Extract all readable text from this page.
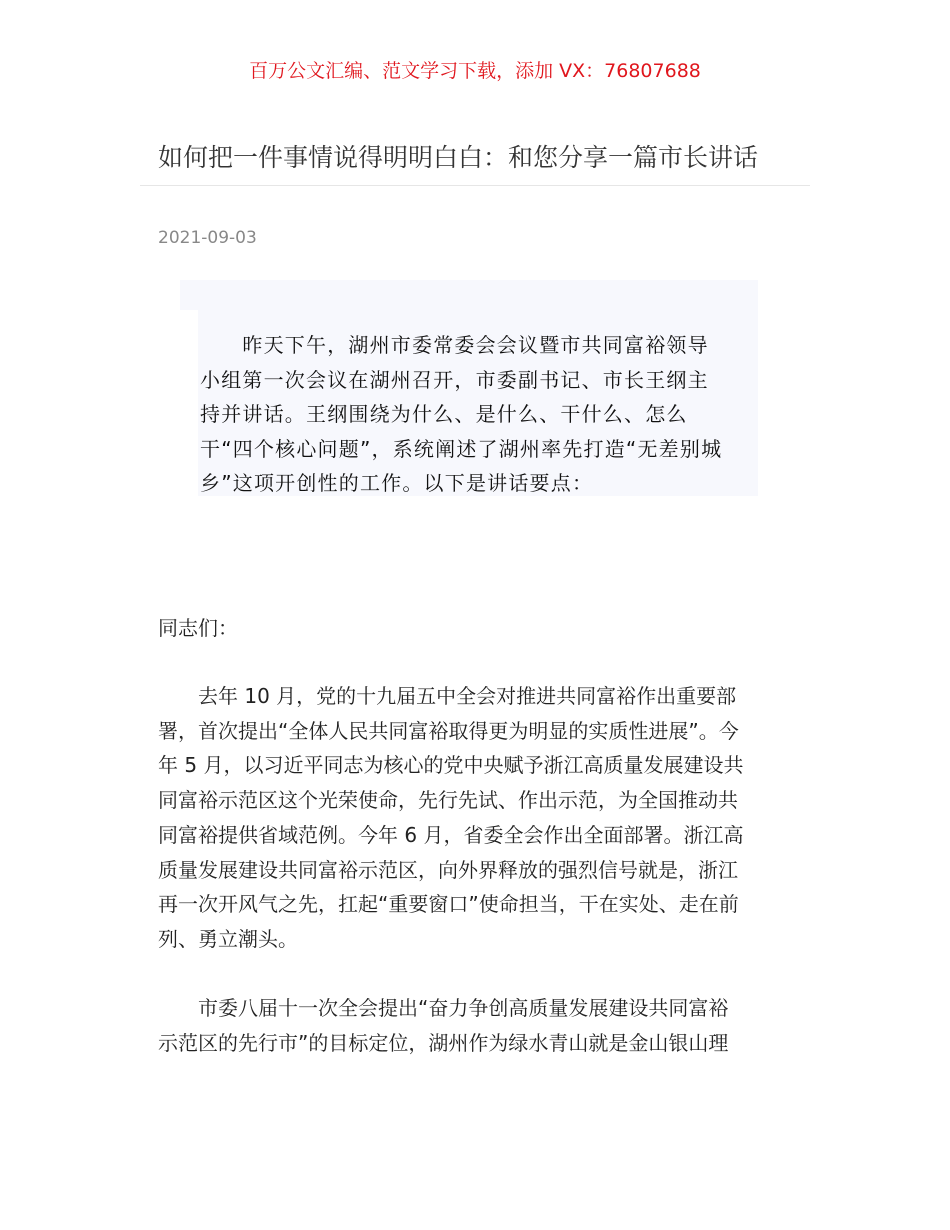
百万公文汇编、范文学习下载，添加 VX：76807688
如何把一件事情说得明明白白：和您分享一篇市长讲话
2021-09-03
　　昨天下午，湖州市委常委会会议暨市共同富裕领导
小组第一次会议在湖州召开，市委副书记、市长王纲主
持并讲话。王纲围绕为什么、是什么、干什么、怎么
干“四个核心问题”，系统阐述了湖州率先打造“无差别城
乡”这项开创性的工作。以下是讲话要点：
同志们：
　　去年 10 月，党的十九届五中全会对推进共同富裕作出重要部
署，首次提出“全体人民共同富裕取得更为明显的实质性进展”。今
年 5 月，以习近平同志为核心的党中央赋予浙江高质量发展建设共
同富裕示范区这个光荣使命，先行先试、作出示范，为全国推动共
同富裕提供省域范例。今年 6 月，省委全会作出全面部署。浙江高
质量发展建设共同富裕示范区，向外界释放的强烈信号就是，浙江
再一次开风气之先，扛起“重要窗口”使命担当，干在实处、走在前
列、勇立潮头。
　　市委八届十一次全会提出“奋力争创高质量发展建设共同富裕
示范区的先行市”的目标定位，湖州作为绿水青山就是金山银山理
